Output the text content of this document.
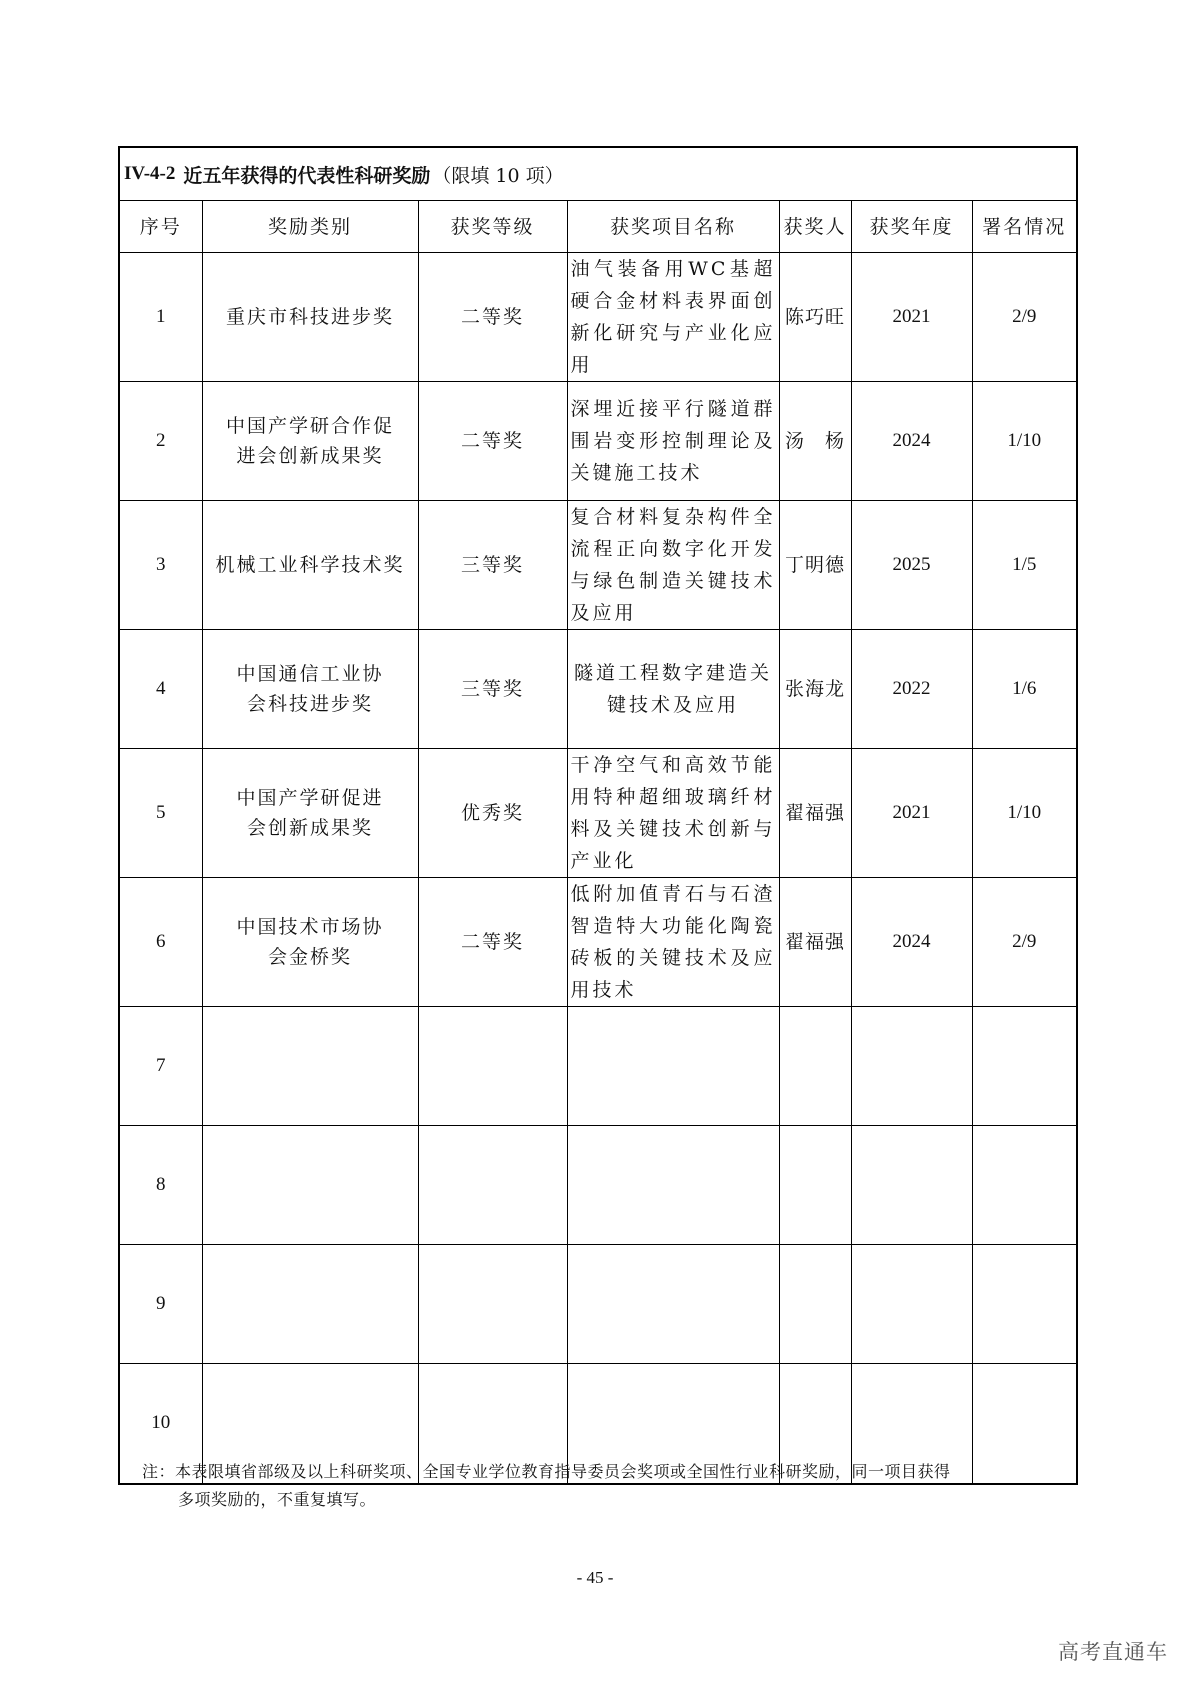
IV-4-2 近五年获得的代表性科研奖励 （限填 10 项）
序号	奖励类别	获奖等级	获奖项目名称	获奖人	获奖年度	署名情况
1	重庆市科技进步奖	二等奖	油气装备用WC基超硬合金材料表界面创新化研究与产业化应用	陈巧旺	2021	2/9
2	中国产学研合作促进会创新成果奖	二等奖	深埋近接平行隧道群围岩变形控制理论及关键施工技术	汤　杨	2024	1/10
3	机械工业科学技术奖	三等奖	复合材料复杂构件全流程正向数字化开发与绿色制造关键技术及应用	丁明德	2025	1/5
4	中国通信工业协会科技进步奖	三等奖	隧道工程数字建造关键技术及应用	张海龙	2022	1/6
5	中国产学研促进会创新成果奖	优秀奖	干净空气和高效节能用特种超细玻璃纤材料及关键技术创新与产业化	翟福强	2021	1/10
6	中国技术市场协会金桥奖	二等奖	低附加值青石与石渣智造特大功能化陶瓷砖板的关键技术及应用技术	翟福强	2024	2/9
7						
8						
9						
10						
注：本表限填省部级及以上科研奖项、全国专业学位教育指导委员会奖项或全国性行业科研奖励，同一项目获得
多项奖励的，不重复填写。
- 45 -
高考直通车
